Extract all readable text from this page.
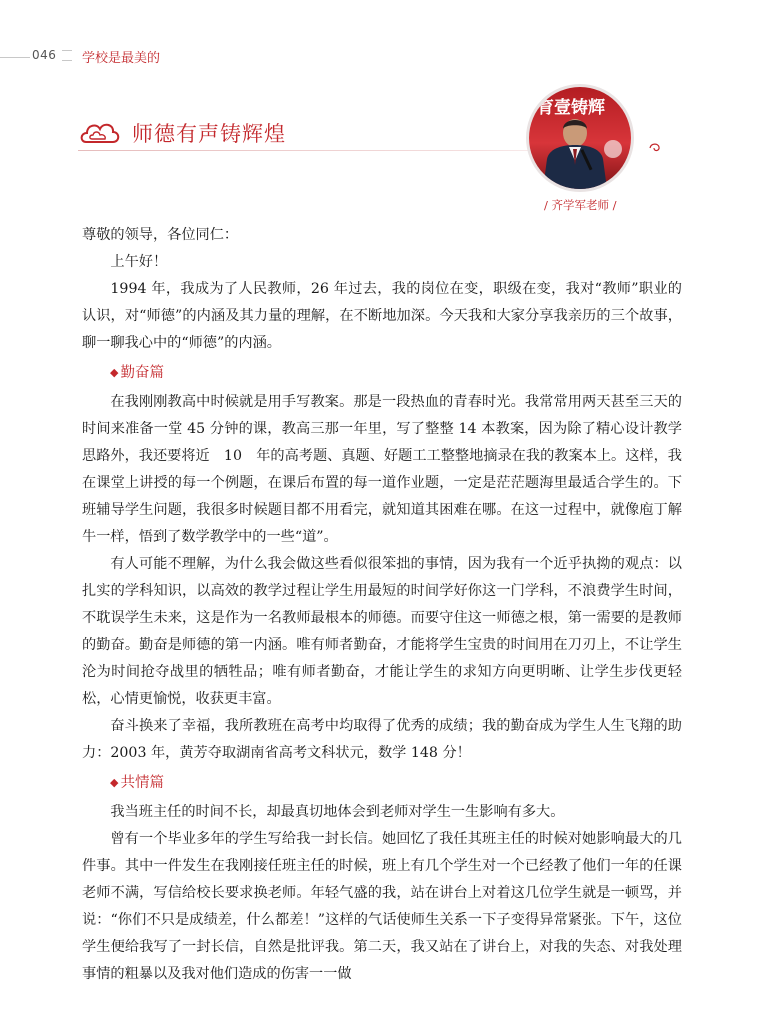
046 学校是最美的
师德有声铸辉煌
育壹铸辉
/ 齐学军老师 /

尊敬的领导，各位同仁：

上午好！

1994 年，我成为了人民教师，26 年过去，我的岗位在变，职级在变，我对“教师”职业的认识，对“师德”的内涵及其力量的理解，在不断地加深。今天我和大家分享我亲历的三个故事，聊一聊我心中的“师德”的内涵。

◆ 勤奋篇

在我刚刚教高中时候就是用手写教案。那是一段热血的青春时光。我常常用两天甚至三天的时间来准备一堂 45 分钟的课，教高三那一年里，写了整整 14 本教案，因为除了精心设计教学思路外，我还要将近　10　年的高考题、真题、好题工工整整地摘录在我的教案本上。这样，我在课堂上讲授的每一个例题，在课后布置的每一道作业题，一定是茫茫题海里最适合学生的。下班辅导学生问题，我很多时候题目都不用看完，就知道其困难在哪。在这一过程中，就像庖丁解牛一样，悟到了数学教学中的一些“道”。

有人可能不理解，为什么我会做这些看似很笨拙的事情，因为我有一个近乎执拗的观点：以扎实的学科知识，以高效的教学过程让学生用最短的时间学好你这一门学科，不浪费学生时间，不耽误学生未来，这是作为一名教师最根本的师德。而要守住这一师德之根，第一需要的是教师的勤奋。勤奋是师德的第一内涵。唯有师者勤奋，才能将学生宝贵的时间用在刀刃上，不让学生沦为时间抢夺战里的牺牲品；唯有师者勤奋，才能让学生的求知方向更明晰、让学生步伐更轻松，心情更愉悦，收获更丰富。

奋斗换来了幸福，我所教班在高考中均取得了优秀的成绩；我的勤奋成为学生人生飞翔的助力：2003 年，黄芳夺取湖南省高考文科状元，数学 148 分！

◆ 共情篇

我当班主任的时间不长，却最真切地体会到老师对学生一生影响有多大。

曾有一个毕业多年的学生写给我一封长信。她回忆了我任其班主任的时候对她影响最大的几件事。其中一件发生在我刚接任班主任的时候，班上有几个学生对一个已经教了他们一年的任课老师不满，写信给校长要求换老师。年轻气盛的我，站在讲台上对着这几位学生就是一顿骂，并说：“你们不只是成绩差，什么都差！”这样的气话使师生关系一下子变得异常紧张。下午，这位学生便给我写了一封长信，自然是批评我。第二天，我又站在了讲台上，对我的失态、对我处理事情的粗暴以及我对他们造成的伤害一一做
